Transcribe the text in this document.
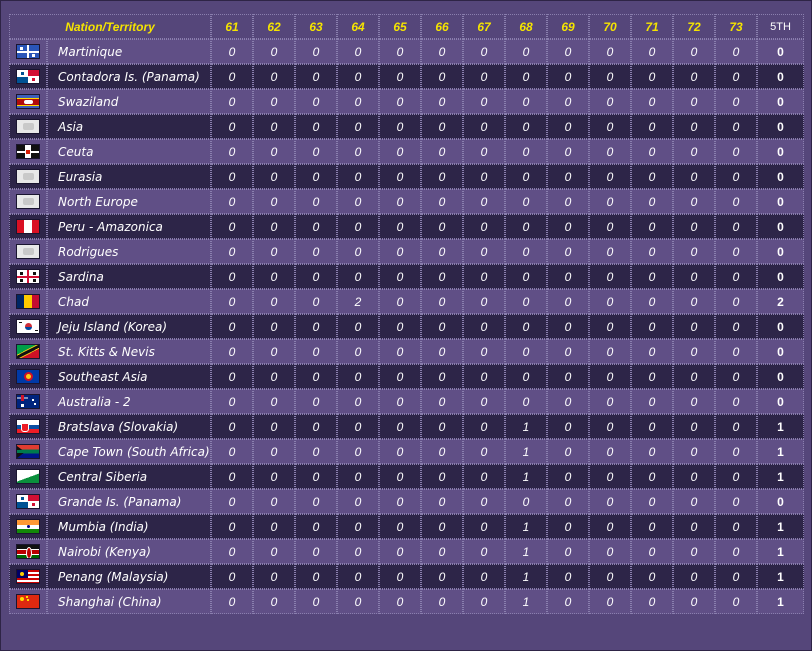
Nation/Territory		61	62	63	64	65	66	67	68	69	70	71	72	73	5TH

	Martinique	0	0	0	0	0	0	0	0	0	0	0	0	0	0

	Contadora Is. (Panama)	0	0	0	0	0	0	0	0	0	0	0	0	0	0

	Swaziland	0	0	0	0	0	0	0	0	0	0	0	0	0	0

	Asia	0	0	0	0	0	0	0	0	0	0	0	0	0	0

	Ceuta	0	0	0	0	0	0	0	0	0	0	0	0	0	0

	Eurasia	0	0	0	0	0	0	0	0	0	0	0	0	0	0

	North Europe	0	0	0	0	0	0	0	0	0	0	0	0	0	0

	Peru - Amazonica	0	0	0	0	0	0	0	0	0	0	0	0	0	0

	Rodrigues	0	0	0	0	0	0	0	0	0	0	0	0	0	0

	Sardina	0	0	0	0	0	0	0	0	0	0	0	0	0	0

	Chad	0	0	0	2	0	0	0	0	0	0	0	0	0	2

	Jeju Island (Korea)	0	0	0	0	0	0	0	0	0	0	0	0	0	0
	St. Kitts & Nevis	0	0	0	0	0	0	0	0	0	0	0	0	0	0

	Southeast Asia	0	0	0	0	0	0	0	0	0	0	0	0	0	0

	Australia - 2	0	0	0	0	0	0	0	0	0	0	0	0	0	0

	Bratslava (Slovakia)	0	0	0	0	0	0	0	1	0	0	0	0	0	1

	Cape Town (South Africa)	0	0	0	0	0	0	0	1	0	0	0	0	0	1
	Central Siberia	0	0	0	0	0	0	0	1	0	0	0	0	0	1

	Grande Is. (Panama)	0	0	0	0	0	0	0	0	0	0	0	0	0	0

	Mumbia (India)	0	0	0	0	0	0	0	1	0	0	0	0	0	1

	Nairobi (Kenya)	0	0	0	0	0	0	0	1	0	0	0	0	0	1

	Penang (Malaysia)	0	0	0	0	0	0	0	1	0	0	0	0	0	1

	Shanghai (China)	0	0	0	0	0	0	0	1	0	0	0	0	0	1
